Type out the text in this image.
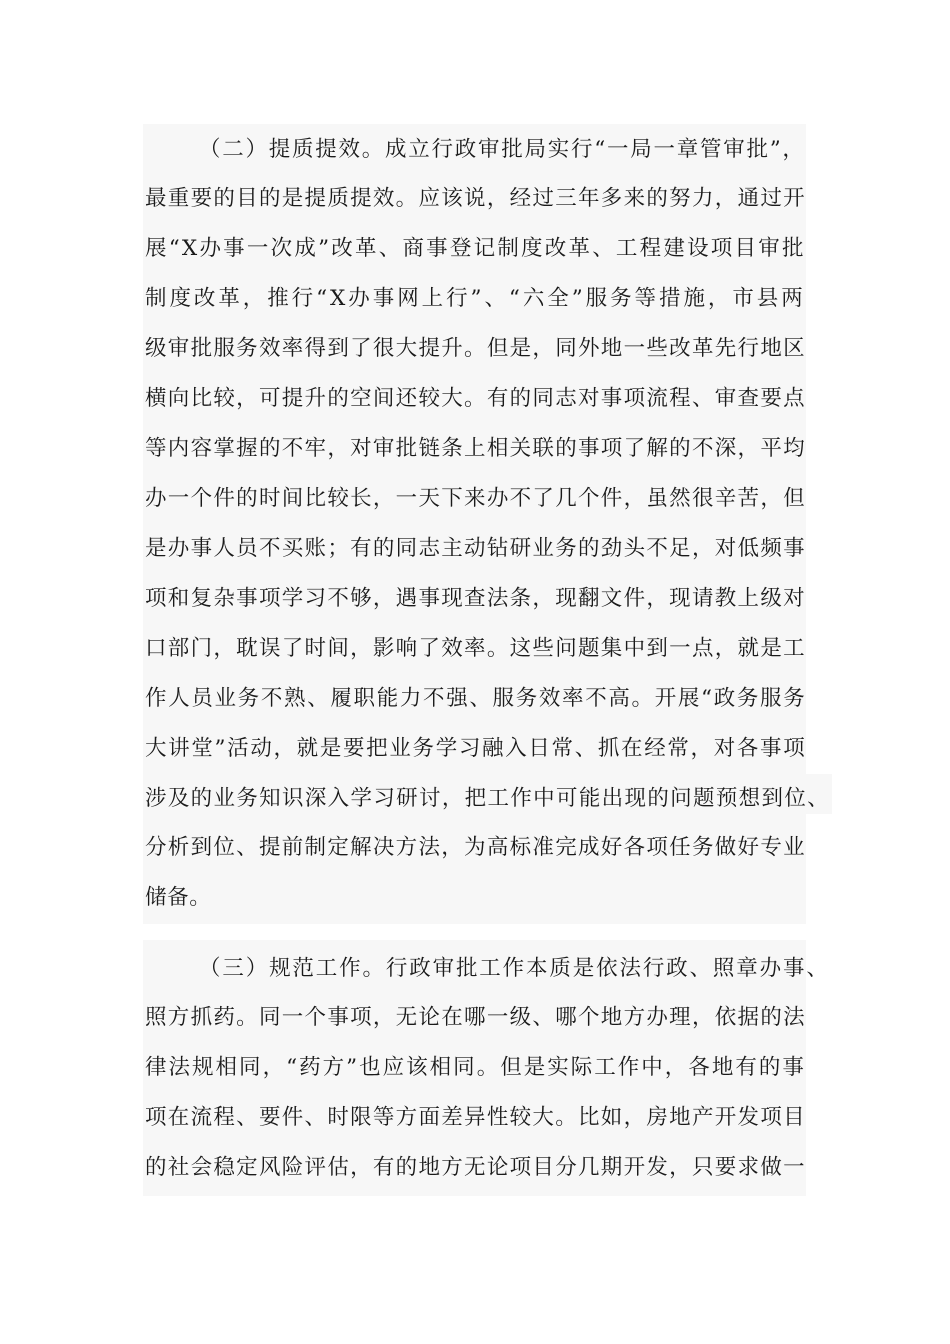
（二）提质提效。成立行政审批局实行“一局一章管审批”，
最重要的目的是提质提效。应该说，经过三年多来的努力，通过开
展“X办事一次成”改革、商事登记制度改革、工程建设项目审批
制度改革，推行“X办事网上行”、“六全”服务等措施，市县两
级审批服务效率得到了很大提升。但是，同外地一些改革先行地区
横向比较，可提升的空间还较大。有的同志对事项流程、审查要点
等内容掌握的不牢，对审批链条上相关联的事项了解的不深，平均
办一个件的时间比较长，一天下来办不了几个件，虽然很辛苦，但
是办事人员不买账；有的同志主动钻研业务的劲头不足，对低频事
项和复杂事项学习不够，遇事现查法条，现翻文件，现请教上级对
口部门，耽误了时间，影响了效率。这些问题集中到一点，就是工
作人员业务不熟、履职能力不强、服务效率不高。开展“政务服务
大讲堂”活动，就是要把业务学习融入日常、抓在经常，对各事项
涉及的业务知识深入学习研讨，把工作中可能出现的问题预想到位、
分析到位、提前制定解决方法，为高标准完成好各项任务做好专业
储备。
（三）规范工作。行政审批工作本质是依法行政、照章办事、
照方抓药。同一个事项，无论在哪一级、哪个地方办理，依据的法
律法规相同，“药方”也应该相同。但是实际工作中，各地有的事
项在流程、要件、时限等方面差异性较大。比如，房地产开发项目
的社会稳定风险评估，有的地方无论项目分几期开发，只要求做一
